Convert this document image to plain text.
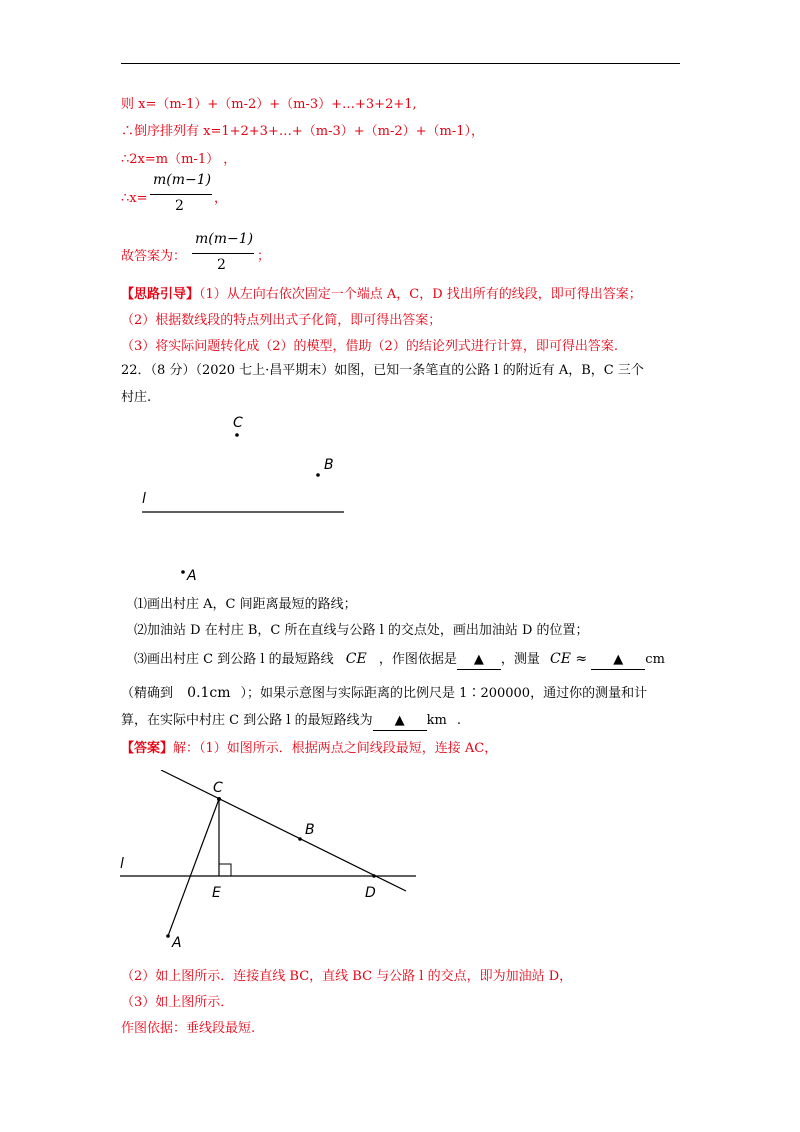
则 x=（m-1）+（m-2）+（m-3）+…+3+2+1,
∴倒序排列有 x=1+2+3+…+（m-3）+（m-2）+（m-1），
∴2x=m（m-1） ，
∴x=
m(m−1)
2 ，
故答案为：
m(m−1)
2
；
【思路引导】（1）从左向右依次固定一个端点 A，C，D 找出所有的线段，即可得出答案；
（2）根据数线段的特点列出式子化简，即可得出答案；
（3）将实际问题转化成（2）的模型，借助（2）的结论列式进行计算，即可得出答案.
22．（8 分）（2020 七上·昌平期末）如图，已知一条笔直的公路 l 的附近有 A，B，C 三个
村庄.
C
B
l
A
⑴画出村庄 A，C 间距离最短的路线；
⑵加油站 D 在村庄 B，C 所在直线与公路 l 的交点处，画出加油站 D 的位置；
⑶画出村庄 C 到公路 l 的最短路线 CE ，作图依据是 ▲ ，测量 CE ≈ ▲ cm
（精确到 0.1cm ）；如果示意图与实际距离的比例尺是 1∶200000，通过你的测量和计
算，在实际中村庄 C 到公路 l 的最短路线为 ▲ km .
【答案】解：（1）如图所示．根据两点之间线段最短，连接 AC，
C
B
l
E	D
A
（2）如上图所示．连接直线 BC，直线 BC 与公路 l 的交点，即为加油站 D，
（3）如上图所示．
作图依据：垂线段最短.
